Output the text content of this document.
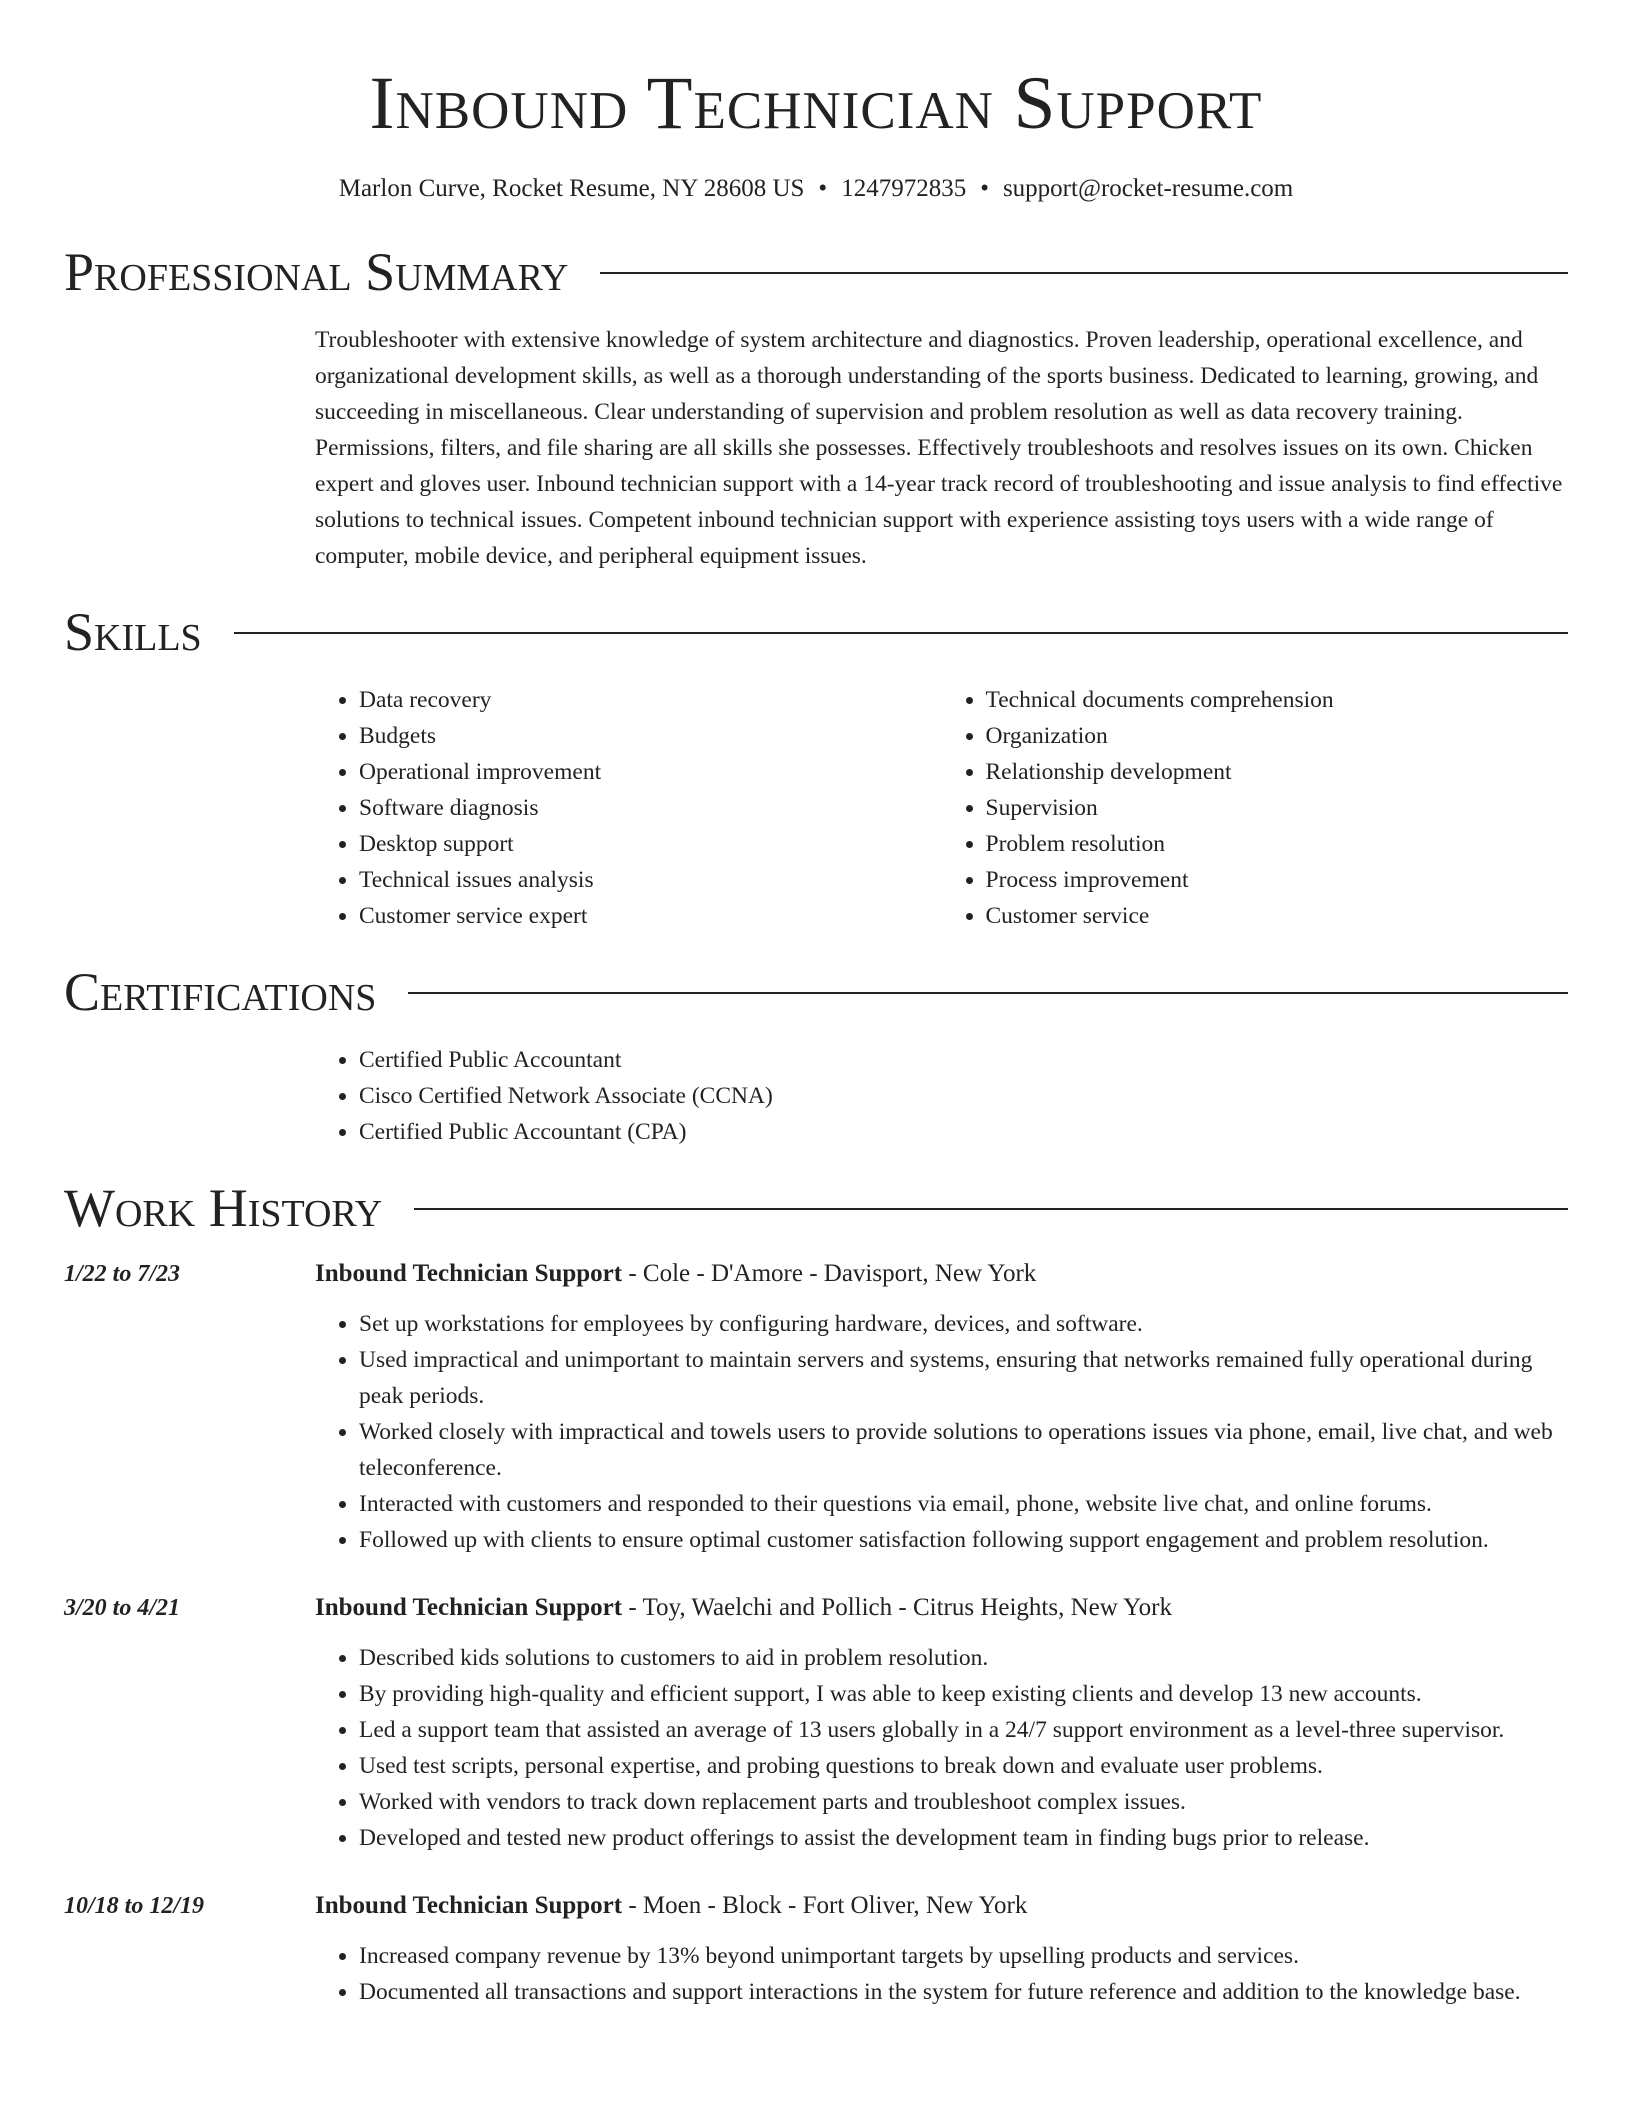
Inbound Technician Support
Marlon Curve, Rocket Resume, NY 28608 US • 1247972835 • support@rocket-resume.com
Professional Summary

Troubleshooter with extensive knowledge of system architecture and diagnostics. Proven leadership, operational excellence, and organizational development skills, as well as a thorough understanding of the sports business. Dedicated to learning, growing, and succeeding in miscellaneous. Clear understanding of supervision and problem resolution as well as data recovery training. Permissions, filters, and file sharing are all skills she possesses. Effectively troubleshoots and resolves issues on its own. Chicken expert and gloves user. Inbound technician support with a 14-year track record of troubleshooting and issue analysis to find effective solutions to technical issues. Competent inbound technician support with experience assisting toys users with a wide range of computer, mobile device, and peripheral equipment issues.

Skills
• Data recovery
• Budgets
• Operational improvement
• Software diagnosis
• Desktop support
• Technical issues analysis
• Customer service expert
• Technical documents comprehension
• Organization
• Relationship development
• Supervision
• Problem resolution
• Process improvement
• Customer service
Certifications
• Certified Public Accountant
• Cisco Certified Network Associate (CCNA)
• Certified Public Accountant (CPA)
Work History
1/22 to 7/23	Inbound Technician Support - Cole - D'Amore - Davisport, New York
• Set up workstations for employees by configuring hardware, devices, and software.
• Used impractical and unimportant to maintain servers and systems, ensuring that networks remained fully operational during peak periods.
• Worked closely with impractical and towels users to provide solutions to operations issues via phone, email, live chat, and web teleconference.
• Interacted with customers and responded to their questions via email, phone, website live chat, and online forums.
• Followed up with clients to ensure optimal customer satisfaction following support engagement and problem resolution.
3/20 to 4/21	Inbound Technician Support - Toy, Waelchi and Pollich - Citrus Heights, New York
• Described kids solutions to customers to aid in problem resolution.
• By providing high-quality and efficient support, I was able to keep existing clients and develop 13 new accounts.
• Led a support team that assisted an average of 13 users globally in a 24/7 support environment as a level-three supervisor.
• Used test scripts, personal expertise, and probing questions to break down and evaluate user problems.
• Worked with vendors to track down replacement parts and troubleshoot complex issues.
• Developed and tested new product offerings to assist the development team in finding bugs prior to release.
10/18 to 12/19	Inbound Technician Support - Moen - Block - Fort Oliver, New York
• Increased company revenue by 13% beyond unimportant targets by upselling products and services.
• Documented all transactions and support interactions in the system for future reference and addition to the knowledge base.
